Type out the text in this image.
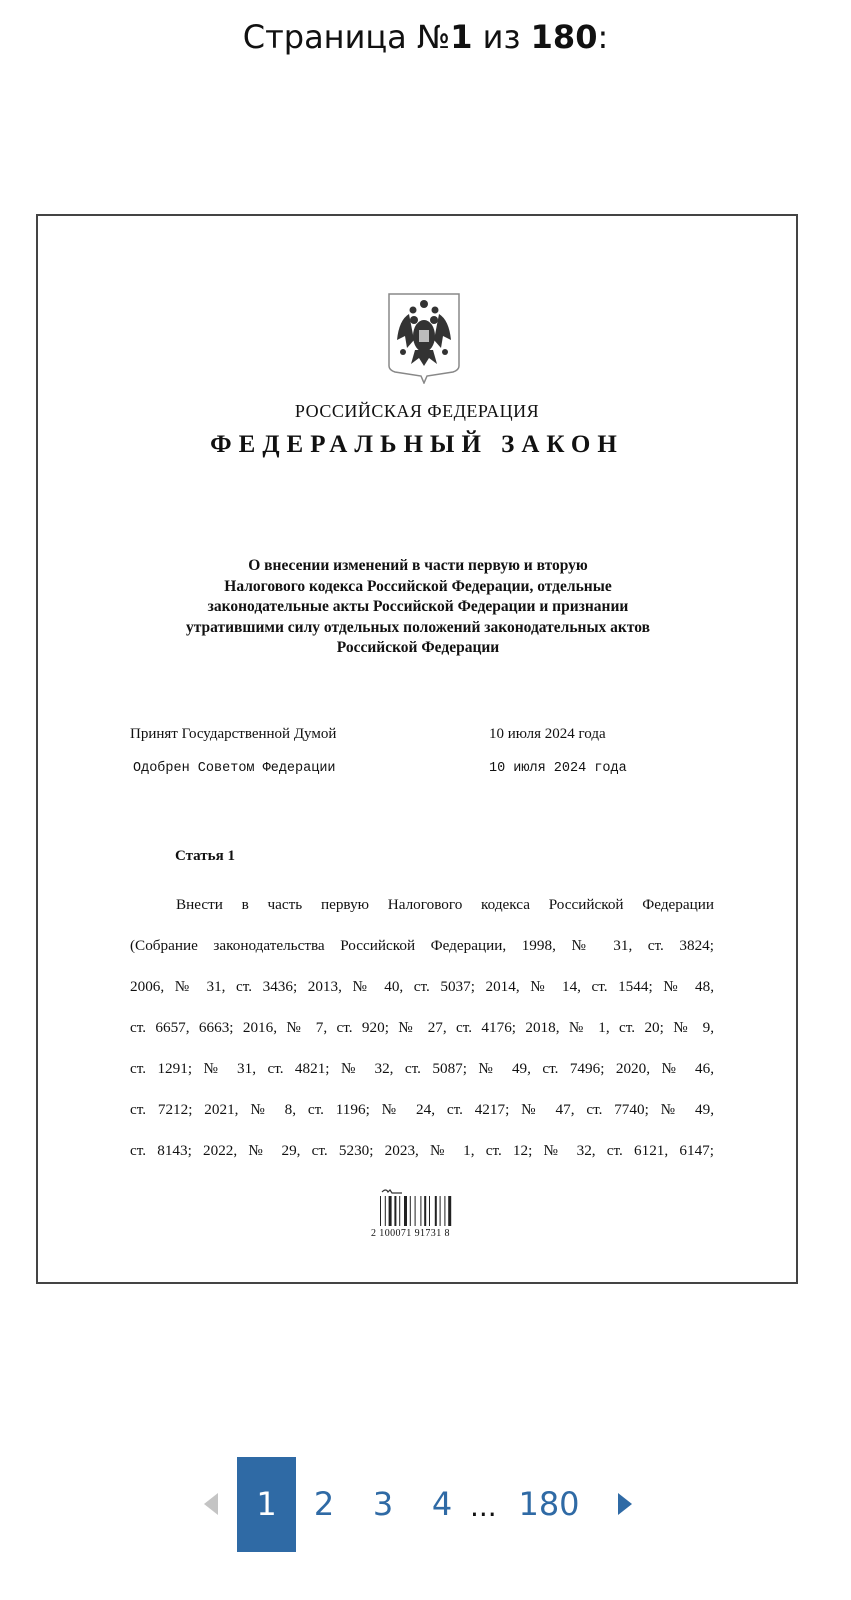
Страница №1 из 180:
РОССИЙСКАЯ ФЕДЕРАЦИЯ
ФЕДЕРАЛЬНЫЙ ЗАКОН
О внесении изменений в части первую и вторую
Налогового кодекса Российской Федерации, отдельные
законодательные акты Российской Федерации и признании
утратившими силу отдельных положений законодательных актов
Российской Федерации
Принят Государственной Думой	10 июля 2024 года
Одобрен Советом Федерации	10 июля 2024 года
Статья 1
Внести в часть первую Налогового кодекса Российской Федерации
(Собрание законодательства Российской Федерации, 1998, № 31, ст. 3824;
2006, № 31, ст. 3436; 2013, № 40, ст. 5037; 2014, № 14, ст. 1544; № 48,
ст. 6657, 6663; 2016, № 7, ст. 920; № 27, ст. 4176; 2018, № 1, ст. 20; № 9,
ст. 1291; № 31, ст. 4821; № 32, ст. 5087; № 49, ст. 7496; 2020, № 46,
ст. 7212; 2021, № 8, ст. 1196; № 24, ст. 4217; № 47, ст. 7740; № 49,
ст. 8143; 2022, № 29, ст. 5230; 2023, № 1, ст. 12; № 32, ст. 6121, 6147;
2 100071 91731 8
1	2	3	4 ... 180
